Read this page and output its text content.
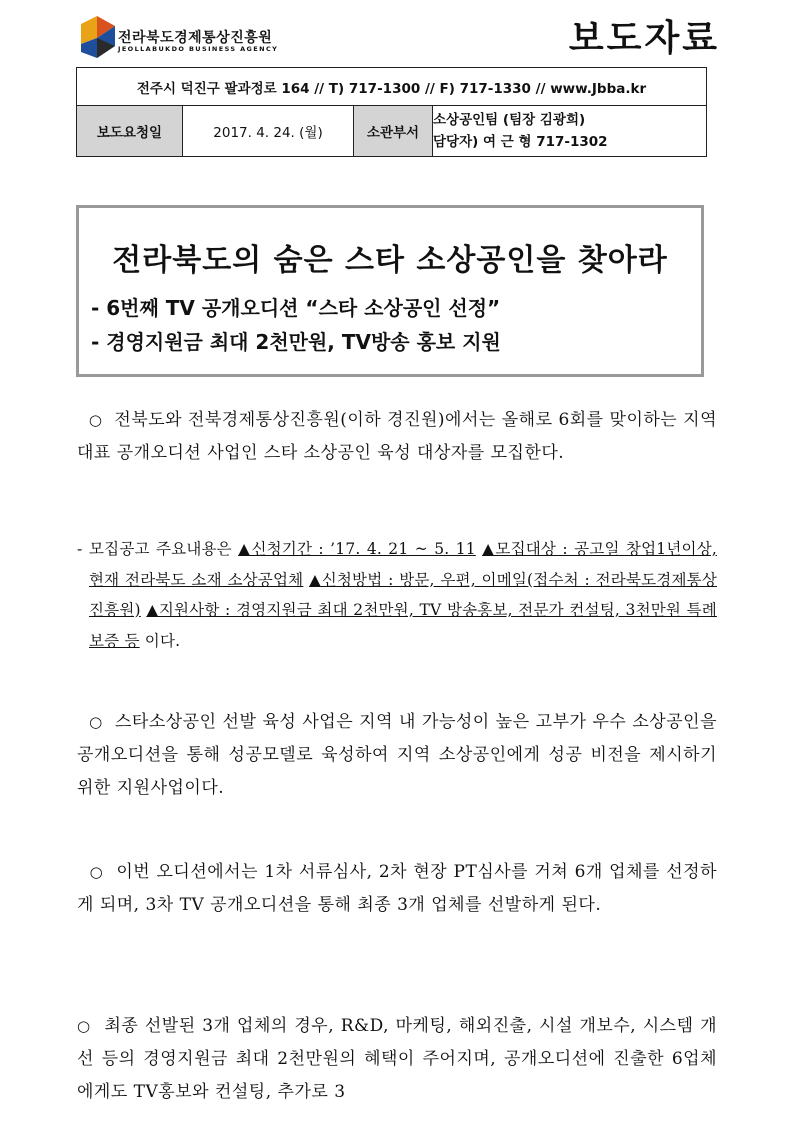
전라북도경제통상진흥원
JEOLLABUKDO BUSINESS AGENCY	보도자료
전주시 덕진구 팔과정로 164 // T) 717-1300 // F) 717-1330 // www.Jbba.kr
보도요청일	2017. 4. 24. (월)	소관부서	
소상공인팀 (팀장 김광희)
담당자) 여 근 형 717-1302
전라북도의 숨은 스타 소상공인을 찾아라
- 6번째 TV 공개오디션 “스타 소상공인 선정”
- 경영지원금 최대 2천만원, TV방송 홍보 지원
○ 전북도와 전북경제통상진흥원(이하 경진원)에서는 올해로 6회를 맞이하는 지역 대표 공개오디션 사업인 스타 소상공인 육성 대상자를 모집한다.
- 모집공고 주요내용은 ▲신청기간 : ’17. 4. 21 ~ 5. 11 ▲모집대상 : 공고일 창업1년이상, 현재 전라북도 소재 소상공업체 ▲신청방법 : 방문, 우편, 이메일(접수처 : 전라북도경제통상진흥원) ▲지원사항 : 경영지원금 최대 2천만원, TV 방송홍보, 전문가 컨설팅, 3천만원 특례보증 등 이다.
○ 스타소상공인 선발 육성 사업은 지역 내 가능성이 높은 고부가 우수 소상공인을 공개오디션을 통해 성공모델로 육성하여 지역 소상공인에게 성공 비전을 제시하기 위한 지원사업이다.
○ 이번 오디션에서는 1차 서류심사, 2차 현장 PT심사를 거쳐 6개 업체를 선정하게 되며, 3차 TV 공개오디션을 통해 최종 3개 업체를 선발하게 된다.
○ 최종 선발된 3개 업체의 경우, R&D, 마케팅, 해외진출, 시설 개보수, 시스템 개선 등의 경영지원금 최대 2천만원의 혜택이 주어지며, 공개오디션에 진출한 6업체에게도 TV홍보와 컨설팅, 추가로 3
